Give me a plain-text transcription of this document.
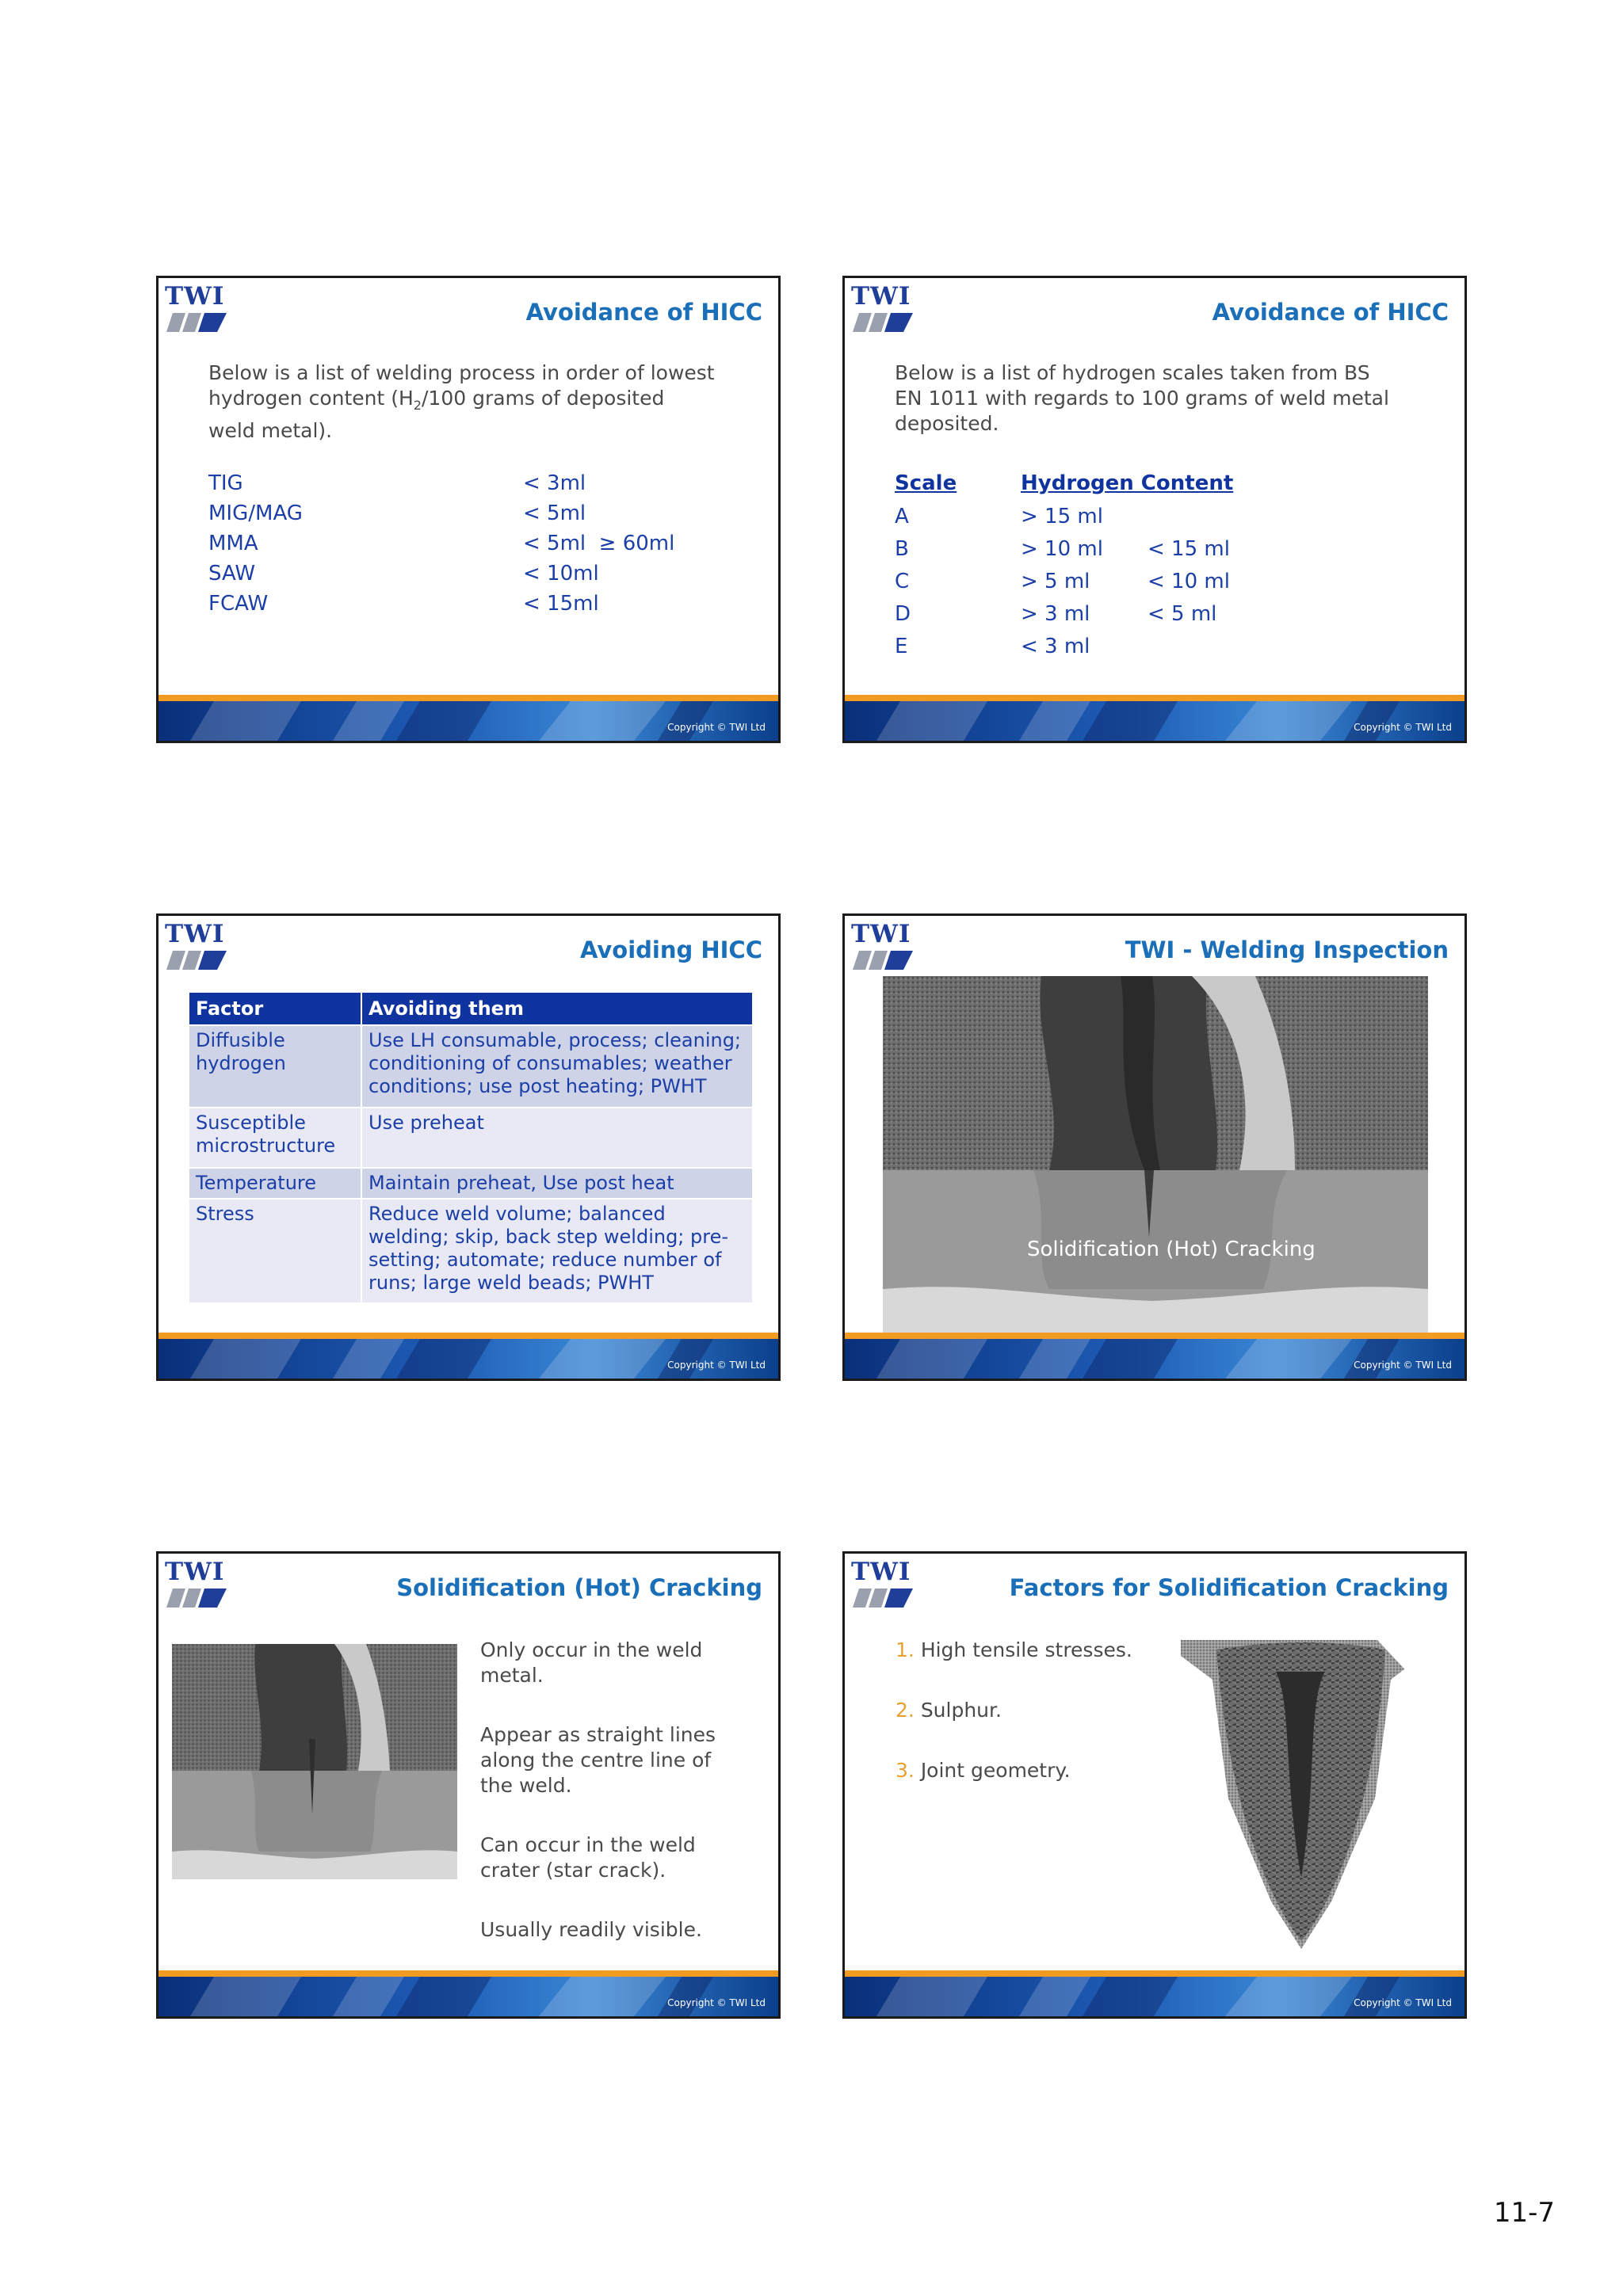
TWI
Avoidance of HICC
Below is a list of welding process in order of lowest hydrogen content ($H_2/100$ grams of deposited weld metal).
TIG	< 3ml
MIG/MAG	< 5ml
MMA	< 5ml  ≥ 60ml
SAW	< 10ml
FCAW	< 15ml
Copyright © TWI Ltd
TWI
Avoidance of HICC
Below is a list of hydrogen scales taken from BS EN 1011 with regards to 100 grams of weld metal deposited.
Scale	Hydrogen Content
A	> 15 ml
B	> 10 ml < 15 ml
C	> 5 ml	< 10 ml
D	> 3 ml	< 5 ml
E	< 3 ml
Copyright © TWI Ltd
TWI
Avoiding HICC
Factor	Avoiding them
Diffusible hydrogen	Use LH consumable, process; cleaning; conditioning of consumables; weather conditions; use post heating; PWHT
Susceptible microstructure	Use preheat
Temperature	Maintain preheat, Use post heat
Stress	Reduce weld volume; balanced welding; skip, back step welding; pre-setting; automate; reduce number of runs; large weld beads; PWHT
Copyright © TWI Ltd
TWI
TWI - Welding Inspection
Solidification (Hot) Cracking
Copyright © TWI Ltd
TWI
Solidification (Hot) Cracking
Only occur in the weld metal.
Appear as straight lines along the centre line of the weld.
Can occur in the weld crater (star crack).
Usually readily visible.
Copyright © TWI Ltd
TWI
Factors for Solidification Cracking
1. High tensile stresses.
2. Sulphur.
3. Joint geometry.
Copyright © TWI Ltd
11-7
